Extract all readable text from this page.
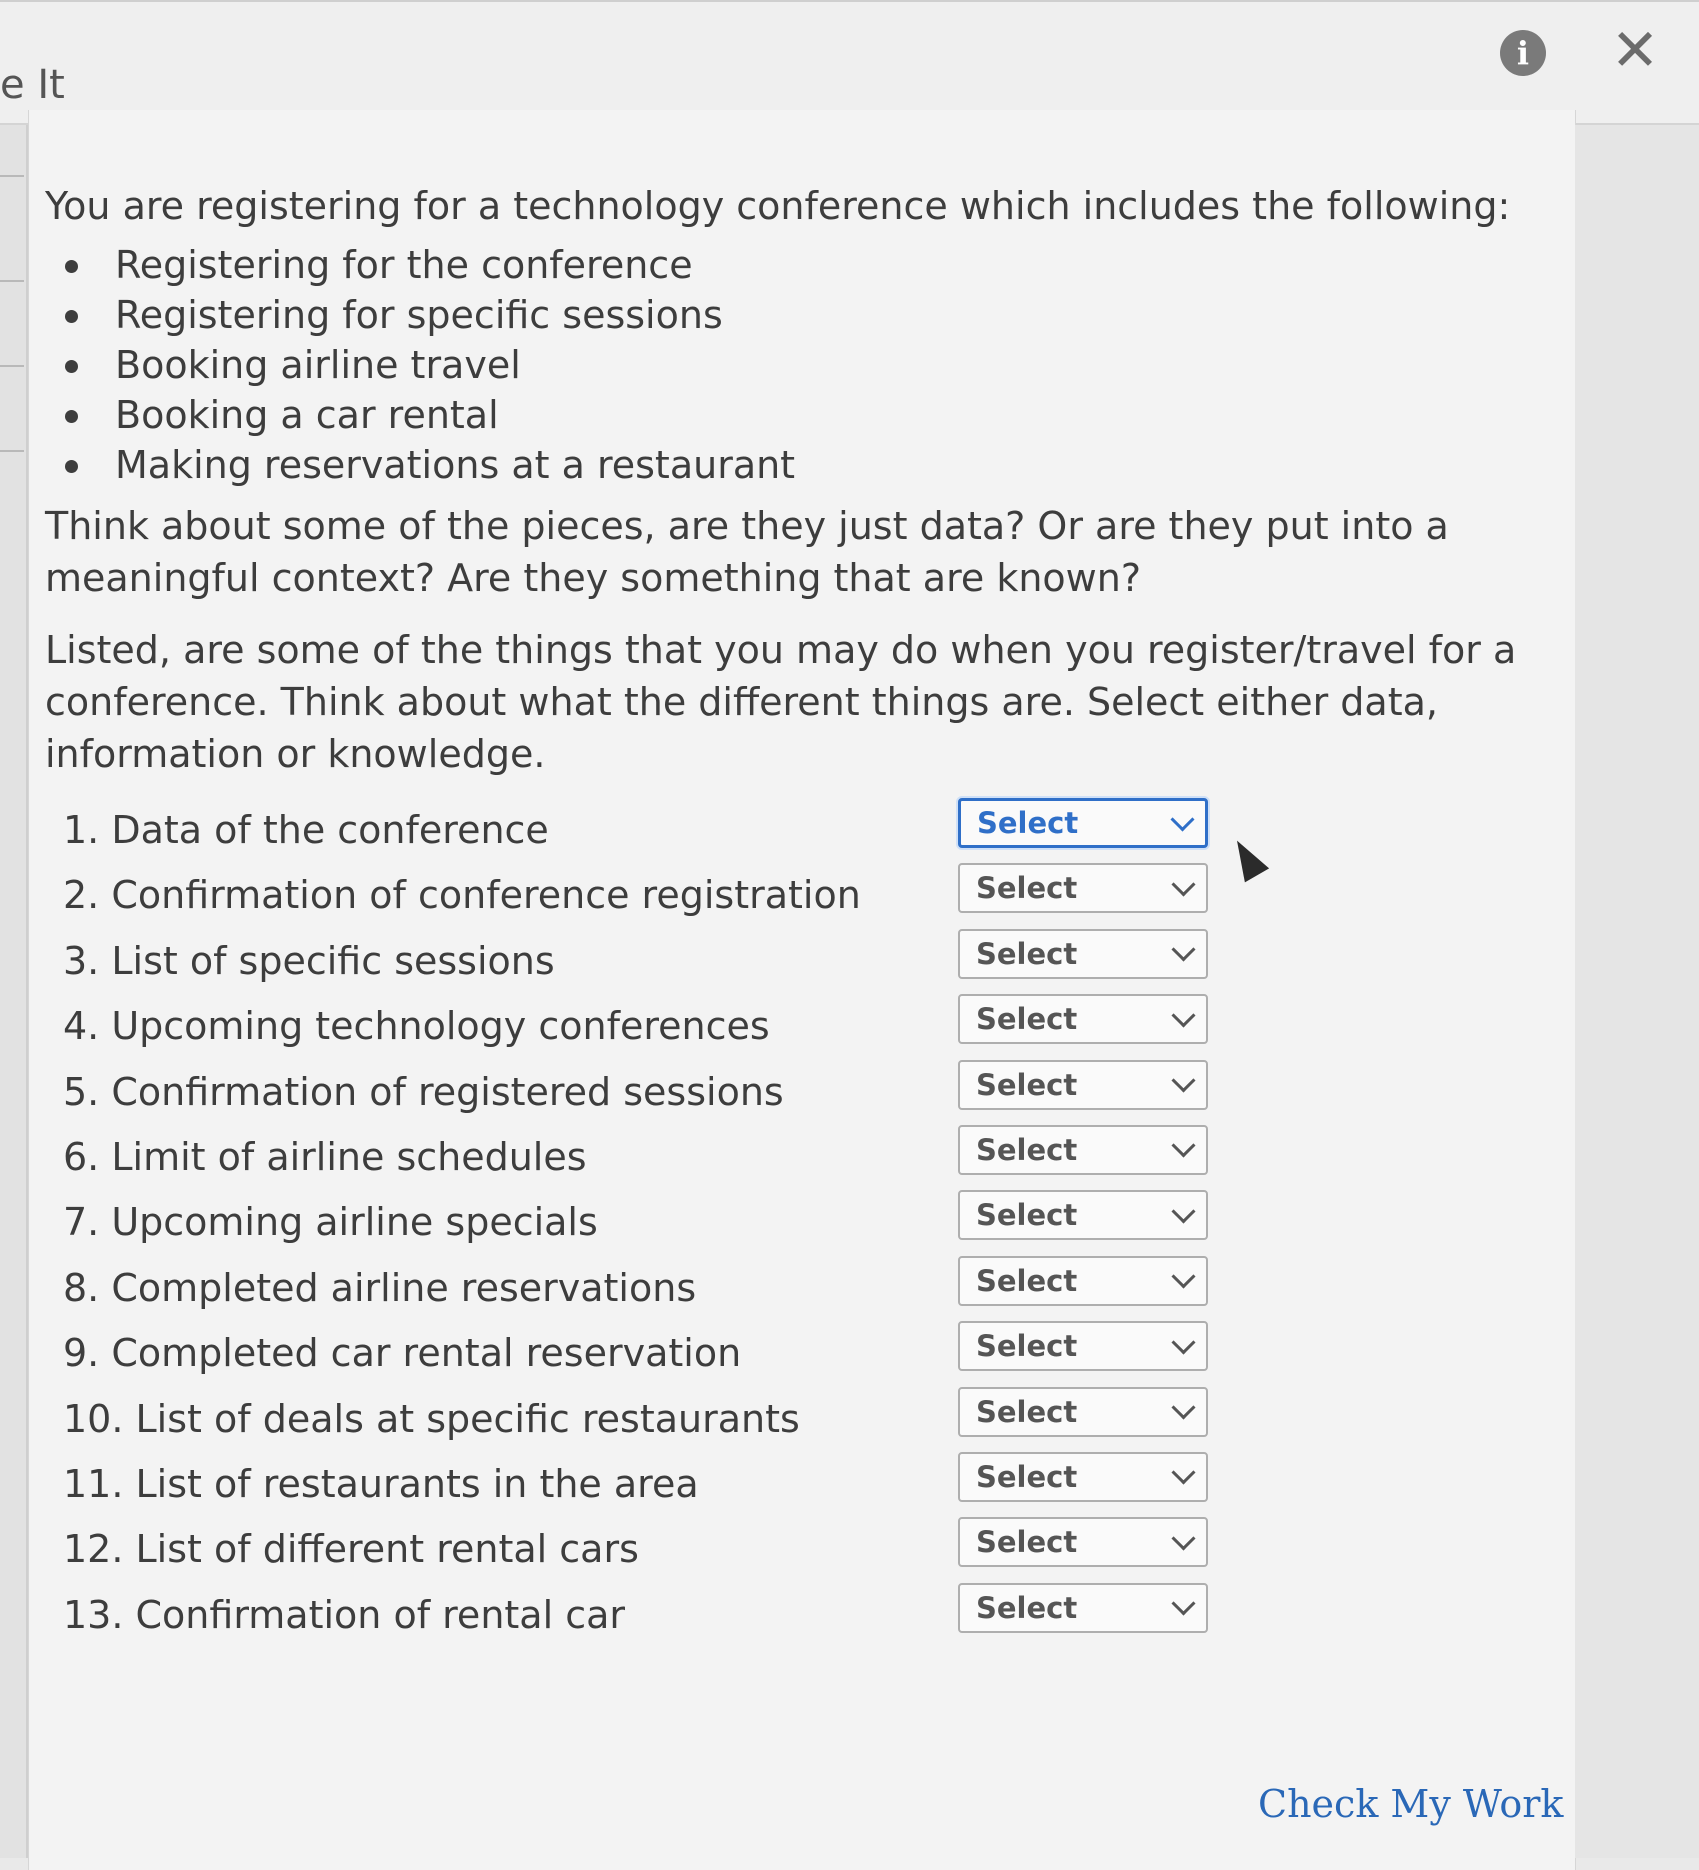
e It
i ✕

You are registering for a technology conference which includes the following:

Registering for the conference
Registering for specific sessions
Booking airline travel
Booking a car rental
Making reservations at a restaurant

Think about some of the pieces, are they just data? Or are they put into a meaningful context? Are they something that are known?

Listed, are some of the things that you may do when you register/travel for a conference. Think about what the different things are. Select either data, information or knowledge.

1. Data of the conference	Select
2. Confirmation of conference registration	Select
3. List of specific sessions	Select
4. Upcoming technology conferences	Select
5. Confirmation of registered sessions	Select
6. Limit of airline schedules	Select
7. Upcoming airline specials	Select
8. Completed airline reservations	Select
9. Completed car rental reservation	Select
10. List of deals at specific restaurants	Select
11. List of restaurants in the area	Select
12. List of different rental cars	Select
13. Confirmation of rental car	Select
Check My Work
